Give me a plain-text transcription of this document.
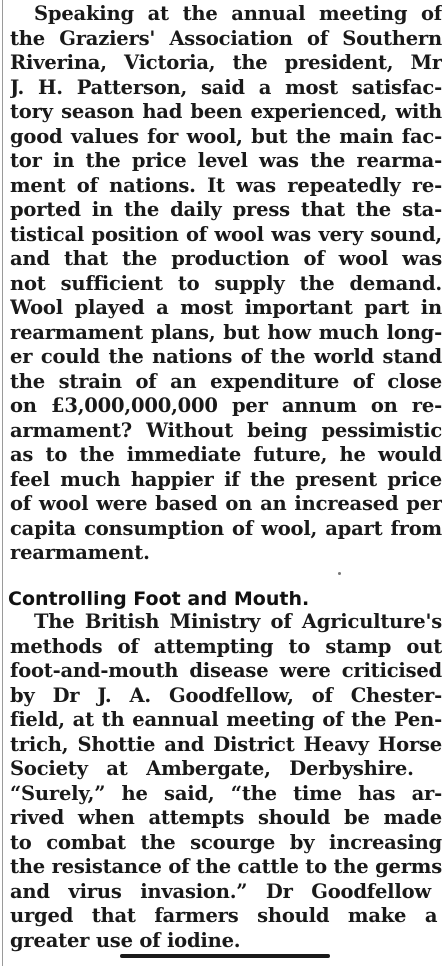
Speaking at the annual meeting of
the Graziers' Association of Southern
Riverina, Victoria, the president, Mr
J. H. Patterson, said a most satisfac-
tory season had been experienced, with
good values for wool, but the main fac-
tor in the price level was the rearma-
ment of nations. It was repeatedly re-
ported in the daily press that the sta-
tistical position of wool was very sound,
and that the production of wool was
not sufficient to supply the demand.
Wool played a most important part in
rearmament plans, but how much long-
er could the nations of the world stand
the strain of an expenditure of close
on £3,000,000,000 per annum on re-
armament? Without being pessimistic
as to the immediate future, he would
feel much happier if the present price
of wool were based on an increased per
capita consumption of wool, apart from
rearmament.
Controlling Foot and Mouth.
The British Ministry of Agriculture's
methods of attempting to stamp out
foot-and-mouth disease were criticised
by Dr J. A. Goodfellow, of Chester-
field, at th eannual meeting of the Pen-
trich, Shottie and District Heavy Horse
Society at Ambergate, Derbyshire.
“Surely,” he said, “the time has ar-
rived when attempts should be made
to combat the scourge by increasing
the resistance of the cattle to the germs
and virus invasion.” Dr Goodfellow
urged that farmers should make a
greater use of iodine.
